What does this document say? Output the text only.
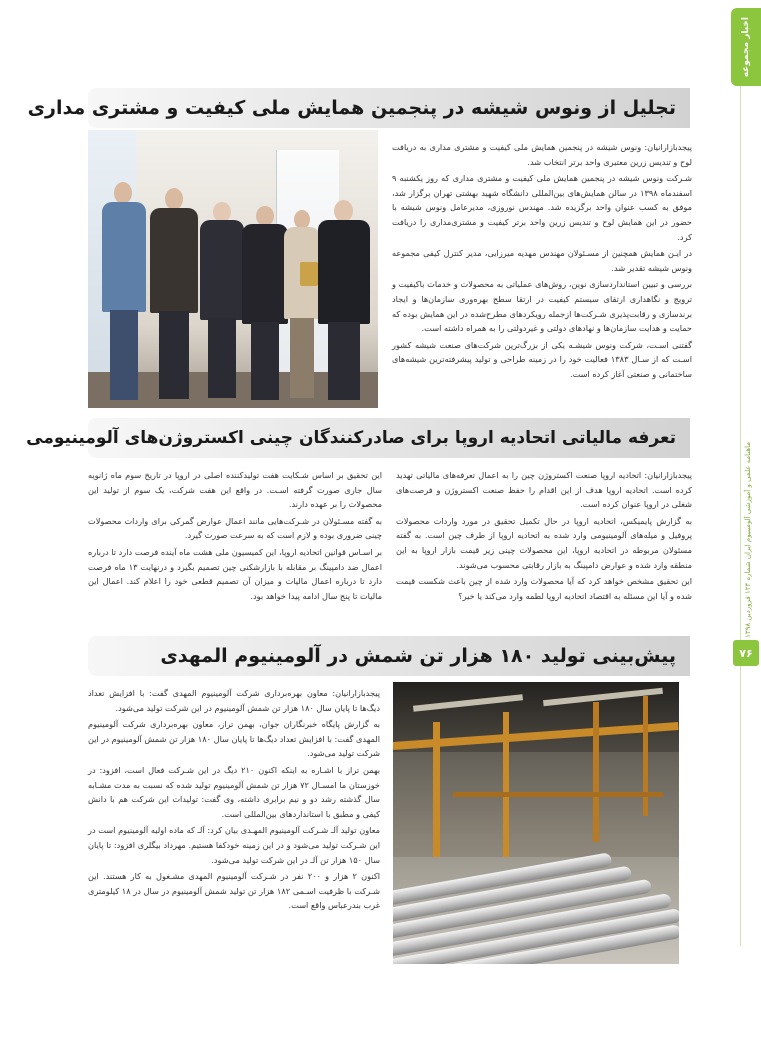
اخبار مجموعه
ماهنامه علمی و آموزشی آلومینیوم ایران شماره ۱۲۴ فروردین ۱۳۹۸
۷۶
تجلیل از ونوس شیشه در پنجمین همایش ملی کیفیت و مشتری مداری

پیجدبازارانیان: ونوس شیشه در پنجمین همایش ملی کیفیت و مشتری مداری به دریافت لوح و تندیس زرین معتبری واحد برتر انتخاب شد.

شـرکت ونوس شیشه در پنجمین همایش ملی کیفیت و مشتری مداری که روز یکشنبه ۹ اسفندماه ۱۳۹۸ در سالن همایش‌های بین‌المللی دانشگاه شهید بهشتی تهران برگزار شد، موفق به کسب عنوان واحد برگزیده شد. مهندس نوروزی، مدیرعامل ونوس شیشه با حضور در این همایش لوح و تندیس زرین واحد برتر کیفیت و مشتری‌مداری را دریافت کرد.

در ایـن همایش همچنین از مسـئولان مهندس مهدیه میرزایی، مدیر کنترل کیفی مجموعه ونوس شیشه تقدیر شد.

بررسی و تبیین استانداردسازی نوین، روش‌های عملیاتی به محصولات و خدمات باکیفیت و ترویج و نگاهداری ارتقای سیستم کیفیت در ارتقا سطح بهره‌وری سازمان‌ها و ایجاد برندسازی و رقابت‌پذیری شـرکت‌ها ازجمله رویکردهای مطرح‌شده در این همایش بوده که حمایت و هدایت سازمان‌ها و نهادهای دولتی و غیردولتی را به همراه داشته است.

گفتنی اسـت، شرکت ونوس شیشـه یکی از بزرگ‌ترین شرکت‌های صنعت شیشه کشور اسـت که از سـال ۱۳۸۳ فعالیت خود را در زمینه طراحی و تولید پیشرفته‌ترین شیشه‌های ساختمانی و صنعتی آغاز کرده است.

تعرفه مالیاتی اتحادیه اروپا برای صادرکنندگان چینی اکستروژن‌های آلومینیومی

پیجدبازارانیان: اتحادیه اروپا صنعت اکستروژن چین را به اعمال تعرفه‌های مالیاتی تهدید کرده است. اتحادیه اروپا هدف از این اقدام را حفظ صنعت اکستروژن و فرصت‌های شغلی در اروپا عنوان کرده است.

به گزارش پایمیکس، اتحادیه اروپا در حال تکمیل تحقیق در مورد واردات محصولات پروفیل و میله‌های آلومینیومی وارد شده به اتحادیه اروپا از طرف چین است. به گفته مسئولان مربوطه در اتحادیه اروپا، این محصولات چینی زیر قیمت بازار اروپا به این منطقه وارد شده و عوارض دامپینگ به بازار رقابتی محسوب می‌شوند.

این تحقیق مشخص خواهد کرد که آیا محصولات وارد شده از چین باعث شکست قیمت شده و آیا این مسئله به اقتصاد اتحادیه اروپا لطمه وارد می‌کند یا خیر؟

این تحقیق بر اساس شـکایت هفت تولیدکننده اصلی در اروپا در تاریخ سوم ماه ژانویه سال جاری صورت گرفته اسـت. در واقع این هفت شرکت، یک سوم از تولید این محصولات را بر عهده دارند.

به گفته مسـئولان در شـرکت‌هایی مانند اعمال عوارض گمرکی برای واردات محصولات چینی ضروری بوده و لازم است که به سرعت صورت گیرد.

بر اسـاس قوانین اتحادیه اروپا، این کمیسیون ملی هشت ماه آینده فرصت دارد تا درباره اعمال ضد دامپینگ بر مقابله با بازارشکنی چین تصمیم بگیرد و درنهایت ۱۳ ماه فرصت دارد تا درباره اعمال مالیات و میزان آن تصمیم قطعی خود را اعلام کند. اعمال این مالیات تا پنج سال ادامه پیدا خواهد بود.

پیش‌بینی تولید ۱۸۰ هزار تن شمش در آلومینیوم المهدی

پیجدبازارانیان: معاون بهره‌برداری شرکت آلومینیوم المهدی گفت: با افزایش تعداد دیگ‌ها تا پایان سال ۱۸۰ هزار تن شمش آلومینیوم در این شرکت تولید می‌شود.

به گزارش پایگاه خبرنگاران جوان، بهمن تراز، معاون بهره‌برداری شرکت آلومینیوم المهدی گفت: با افزایش تعداد دیگ‌ها تا پایان سال ۱۸۰ هزار تن شمش آلومینیوم در این شرکت تولید می‌شود.

بهمن تراز با اشـاره به اینکه اکنون ۲۱۰ دیگ در این شـرکت فعال است، افزود: در خوزستان ما امسـال ۷۲ هزار تن شمش آلومینیوم تولید شده که نسبت به مدت مشـابه سال گذشته رشد دو و نیم برابری داشته، وی گفت: تولیدات این شرکت هم با دانش کیفی و مطبق با استانداردهای بین‌المللی است.

معاون تولید آلـ شـرکت آلومینیوم المهـدی بیان کرد: آلـ که ماده اولیه آلومینیوم است در این شـرکت تولید می‌شود و در این زمینه خودکفا هستیم. مهرداد بیگلری افزود: تا پایان سال ۱۵۰ هزار تن آلـ در این شرکت تولید می‌شود.

اکنون ۲ هزار و ۲۰۰ نفر در شـرکت آلومینیوم المهدی مشـغول به کار هستند. این شـرکت با ظرفیت اسـمی ۱۸۲ هزار تن تولید شمش آلومینیوم در سال در ۱۸ کیلومتری غرب بندرعباس واقع است.
